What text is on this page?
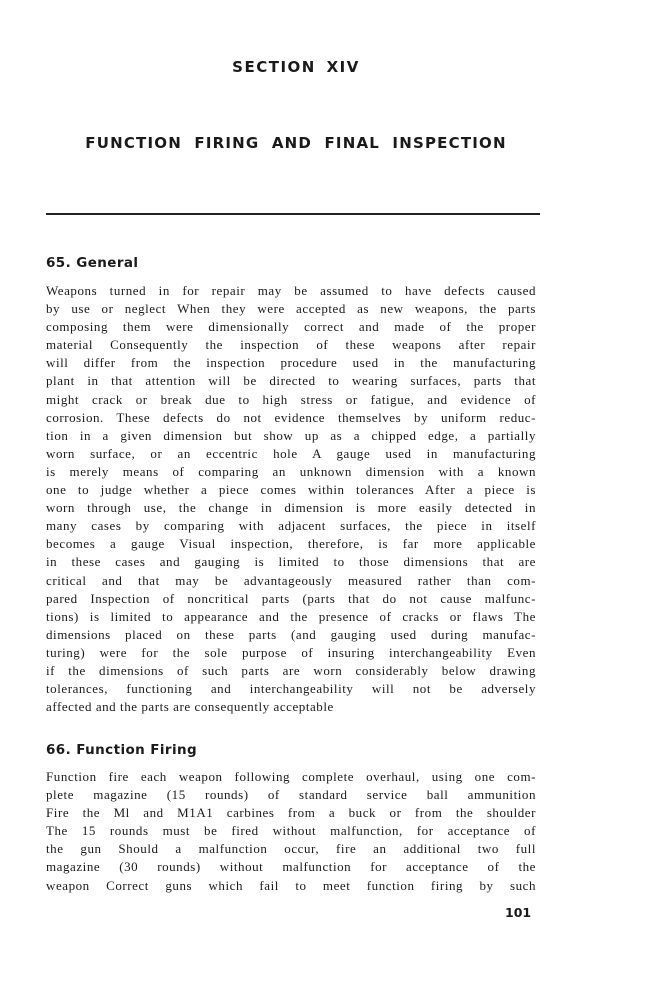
SECTION XIV
FUNCTION FIRING AND FINAL INSPECTION
65. General
Weapons turned in for repair may be assumed to have defects caused
by use or neglect When they were accepted as new weapons, the parts
composing them were dimensionally correct and made of the proper
material Consequently the inspection of these weapons after repair
will differ from the inspection procedure used in the manufacturing
plant in that attention will be directed to wearing surfaces, parts that
might crack or break due to high stress or fatigue, and evidence of
corrosion. These defects do not evidence themselves by uniform reduc-
tion in a given dimension but show up as a chipped edge, a partially
worn surface, or an eccentric hole A gauge used in manufacturing
is merely means of comparing an unknown dimension with a known
one to judge whether a piece comes within tolerances After a piece is
worn through use, the change in dimension is more easily detected in
many cases by comparing with adjacent surfaces, the piece in itself
becomes a gauge Visual inspection, therefore, is far more applicable
in these cases and gauging is limited to those dimensions that are
critical and that may be advantageously measured rather than com-
pared Inspection of noncritical parts (parts that do not cause malfunc-
tions) is limited to appearance and the presence of cracks or flaws The
dimensions placed on these parts (and gauging used during manufac-
turing) were for the sole purpose of insuring interchangeability Even
if the dimensions of such parts are worn considerably below drawing
tolerances, functioning and interchangeability will not be adversely
affected and the parts are consequently acceptable
66. Function Firing
Function fire each weapon following complete overhaul, using one com-
plete magazine (15 rounds) of standard service ball ammunition
Fire the Ml and M1A1 carbines from a buck or from the shoulder
The 15 rounds must be fired without malfunction, for acceptance of
the gun Should a malfunction occur, fire an additional two full
magazine (30 rounds) without malfunction for acceptance of the
weapon Correct guns which fail to meet function firing by such
101
